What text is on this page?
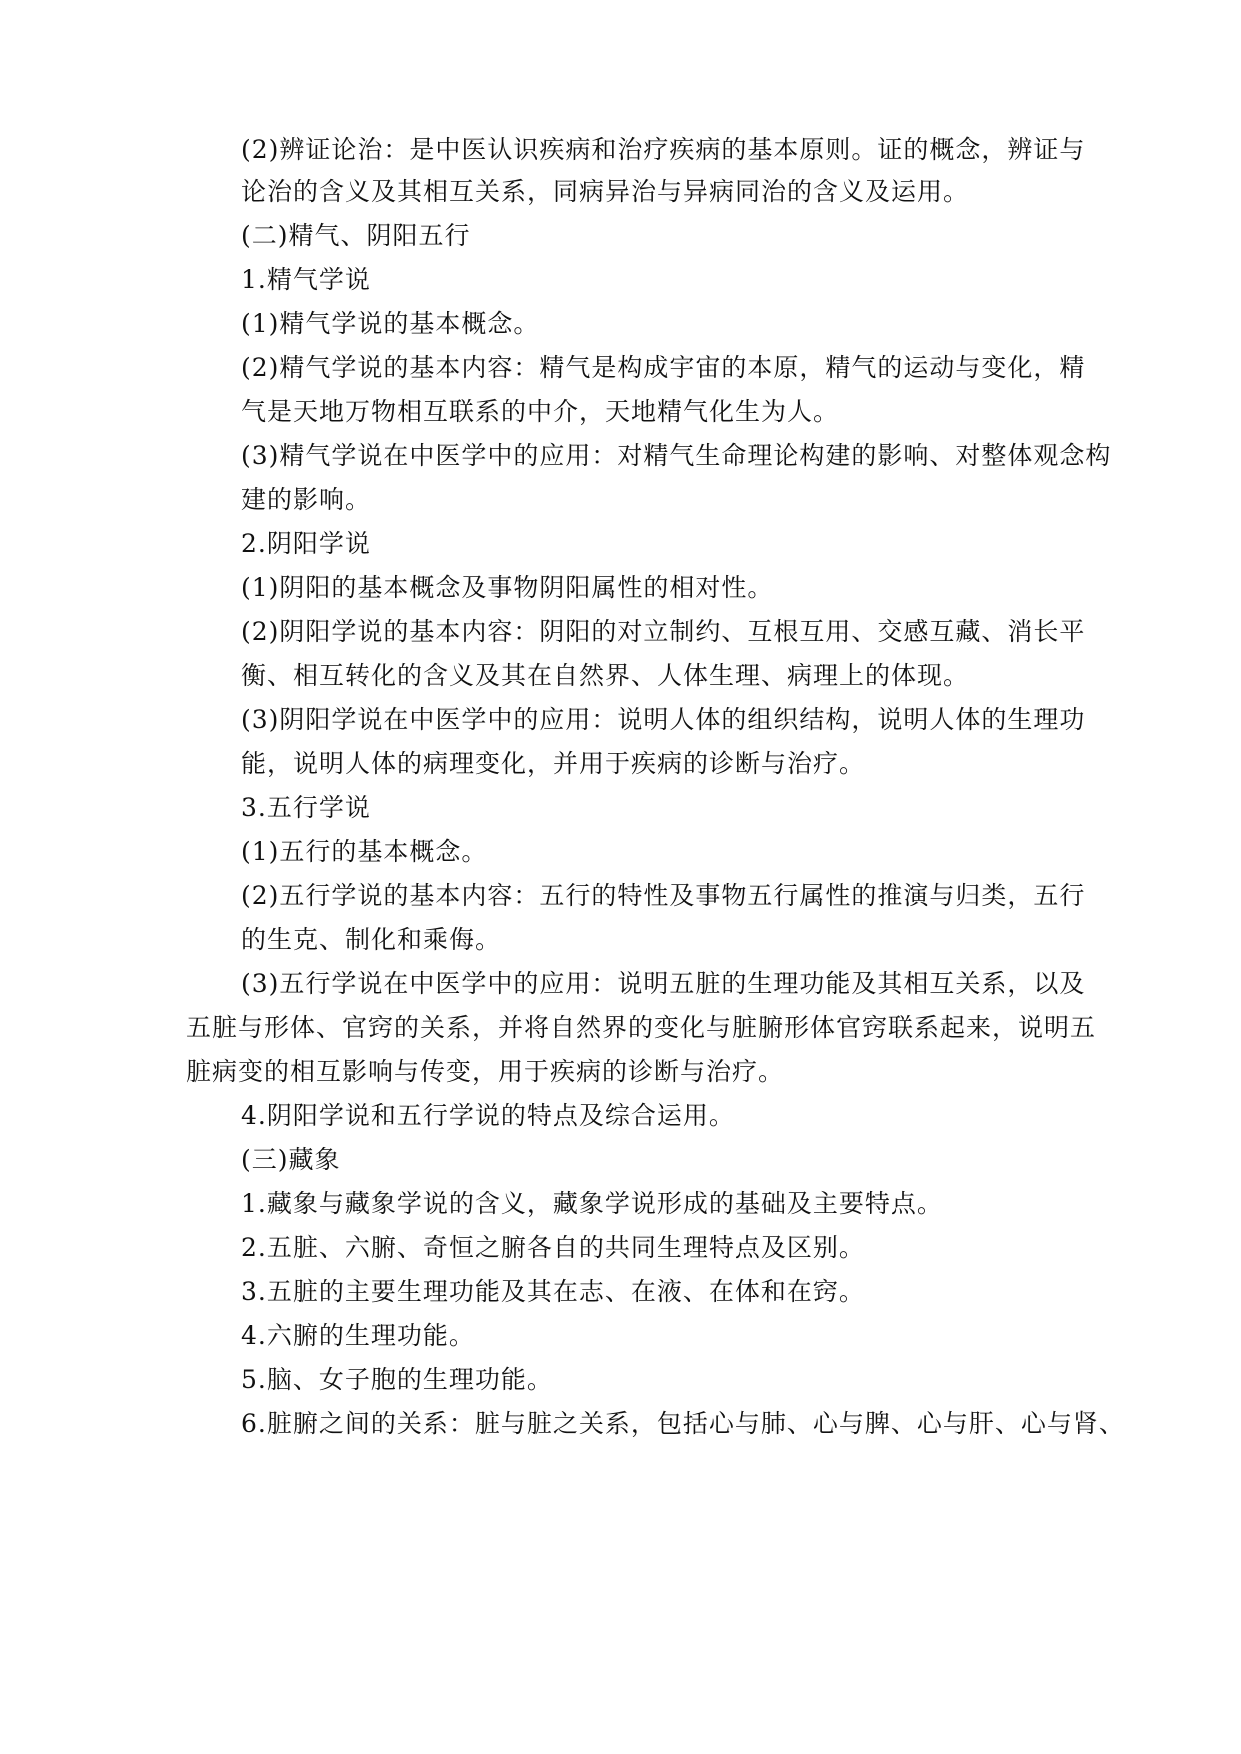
(2)辨证论治：是中医认识疾病和治疗疾病的基本原则。证的概念，辨证与

论治的含义及其相互关系，同病异治与异病同治的含义及运用。

(二)精气、阴阳五行

1.精气学说

(1)精气学说的基本概念。

(2)精气学说的基本内容：精气是构成宇宙的本原，精气的运动与变化，精

气是天地万物相互联系的中介，天地精气化生为人。

(3)精气学说在中医学中的应用：对精气生命理论构建的影响、对整体观念构

建的影响。

2.阴阳学说

(1)阴阳的基本概念及事物阴阳属性的相对性。

(2)阴阳学说的基本内容：阴阳的对立制约、互根互用、交感互藏、消长平

衡、相互转化的含义及其在自然界、人体生理、病理上的体现。

(3)阴阳学说在中医学中的应用：说明人体的组织结构，说明人体的生理功

能，说明人体的病理变化，并用于疾病的诊断与治疗。

3.五行学说

(1)五行的基本概念。

(2)五行学说的基本内容：五行的特性及事物五行属性的推演与归类，五行

的生克、制化和乘侮。

(3)五行学说在中医学中的应用：说明五脏的生理功能及其相互关系，以及

五脏与形体、官窍的关系，并将自然界的变化与脏腑形体官窍联系起来，说明五

脏病变的相互影响与传变，用于疾病的诊断与治疗。

4.阴阳学说和五行学说的特点及综合运用。

(三)藏象

1.藏象与藏象学说的含义，藏象学说形成的基础及主要特点。

2.五脏、六腑、奇恒之腑各自的共同生理特点及区别。

3.五脏的主要生理功能及其在志、在液、在体和在窍。

4.六腑的生理功能。

5.脑、女子胞的生理功能。

6.脏腑之间的关系：脏与脏之关系，包括心与肺、心与脾、心与肝、心与肾、
